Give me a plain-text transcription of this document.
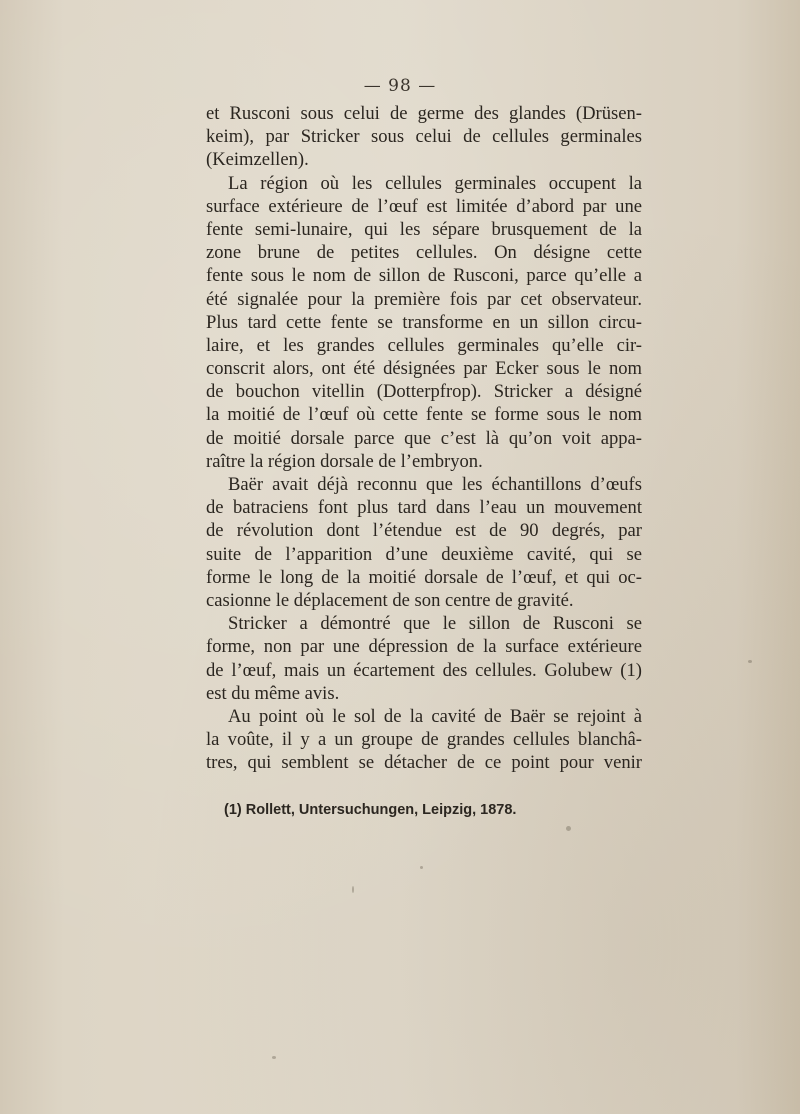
— 98 —
et Rusconi sous celui de germe des glandes (Drüsen-
keim), par Stricker sous celui de cellules germinales
(Keimzellen).
La région où les cellules germinales occupent la
surface extérieure de l’œuf est limitée d’abord par une
fente semi-lunaire, qui les sépare brusquement de la
zone brune de petites cellules. On désigne cette
fente sous le nom de sillon de Rusconi, parce qu’elle a
été signalée pour la première fois par cet observateur.
Plus tard cette fente se transforme en un sillon circu-
laire, et les grandes cellules germinales qu’elle cir-
conscrit alors, ont été désignées par Ecker sous le nom
de bouchon vitellin (Dotterpfrop). Stricker a désigné
la moitié de l’œuf où cette fente se forme sous le nom
de moitié dorsale parce que c’est là qu’on voit appa-
raître la région dorsale de l’embryon.
Baër avait déjà reconnu que les échantillons d’œufs
de batraciens font plus tard dans l’eau un mouvement
de révolution dont l’étendue est de 90 degrés, par
suite de l’apparition d’une deuxième cavité, qui se
forme le long de la moitié dorsale de l’œuf, et qui oc-
casionne le déplacement de son centre de gravité.
Stricker a démontré que le sillon de Rusconi se
forme, non par une dépression de la surface extérieure
de l’œuf, mais un écartement des cellules. Golubew (1)
est du même avis.
Au point où le sol de la cavité de Baër se rejoint à
la voûte, il y a un groupe de grandes cellules blanchâ-
tres, qui semblent se détacher de ce point pour venir
(1) Rollett, Untersuchungen, Leipzig, 1878.
